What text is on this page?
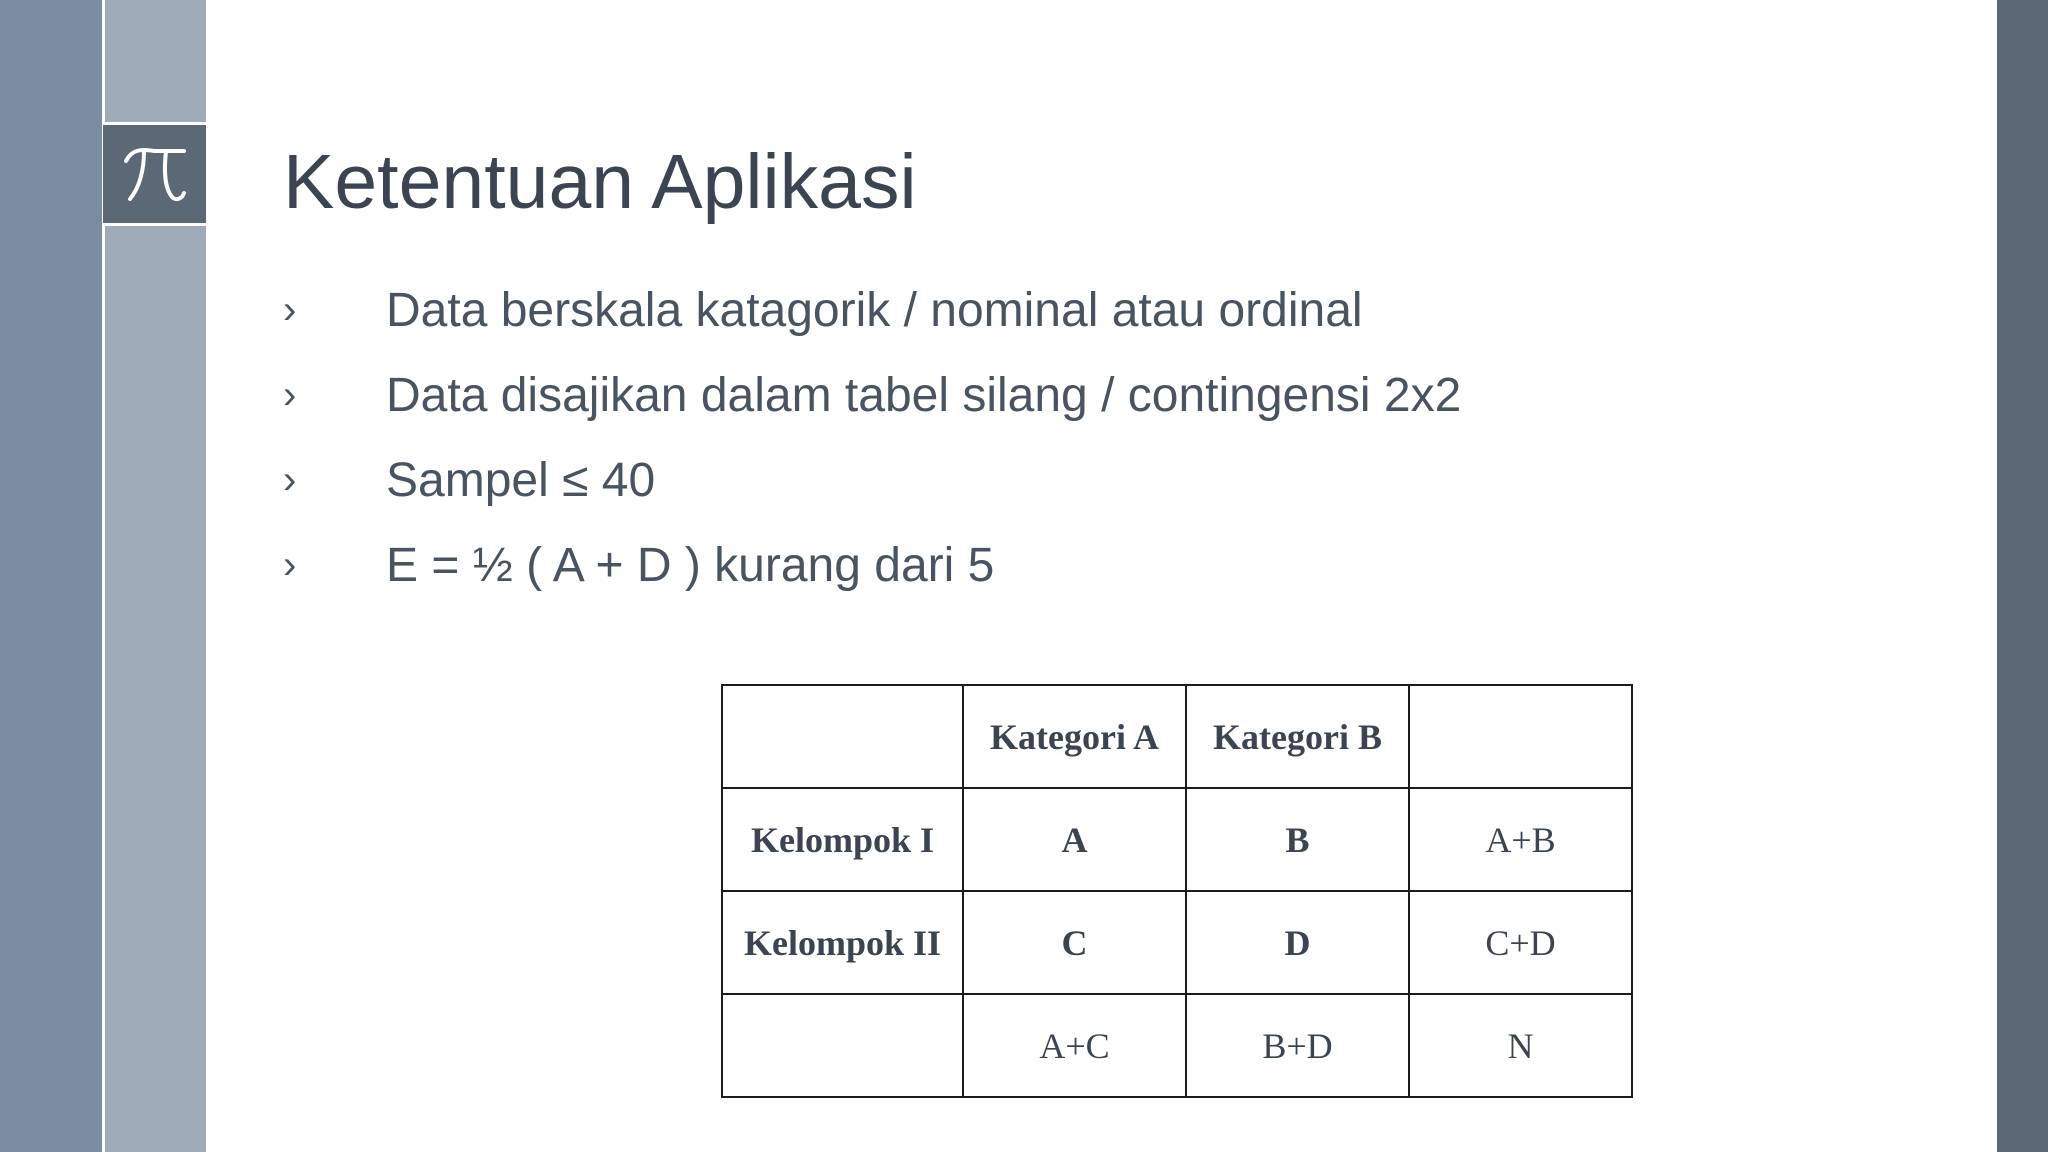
Ketentuan Aplikasi
›	Data berskala katagorik / nominal atau ordinal
›	Data disajikan dalam tabel silang / contingensi 2x2
›	Sampel ≤ 40
›	E = ½ ( A + D ) kurang dari 5
	Kategori A	Kategori B	
Kelompok I	A	B	A+B
Kelompok II	C	D	C+D
	A+C	B+D	N
